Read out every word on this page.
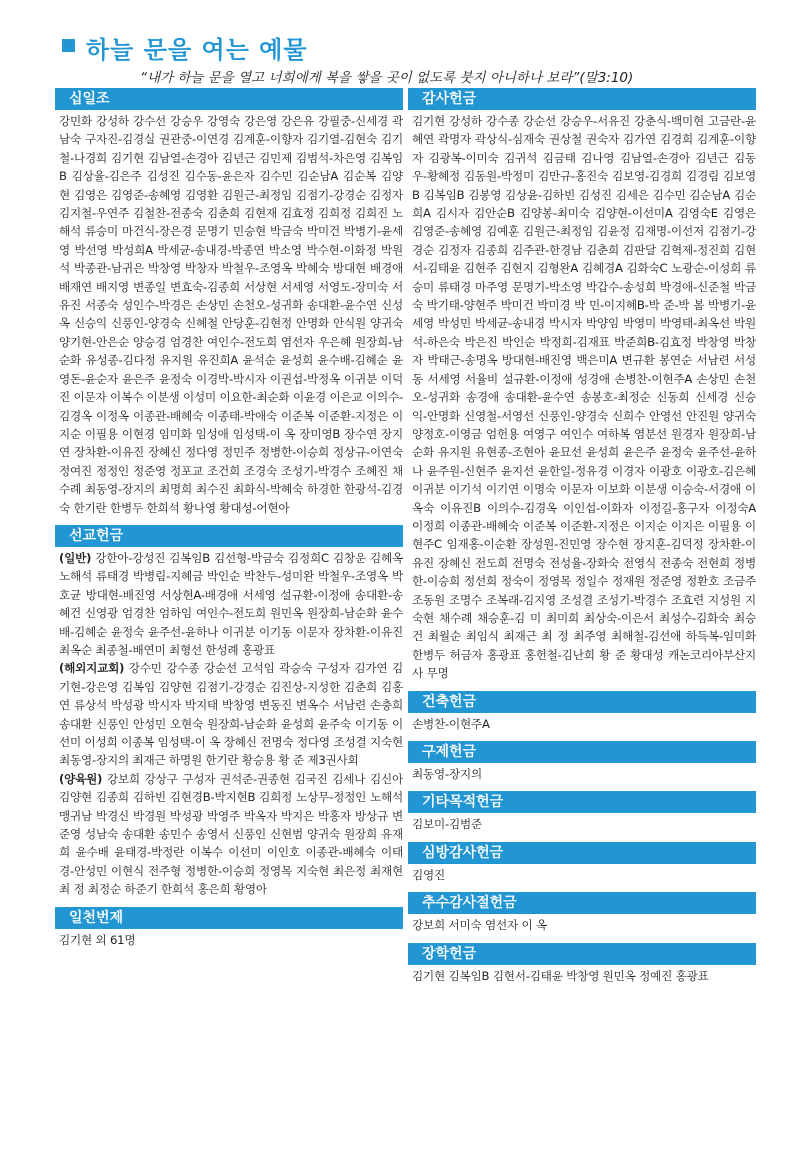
하늘 문을 여는 예물
“내가 하늘 문을 열고 너희에게 복을 쌓을 곳이 없도록 붓지 아니하나 보라”(말3:10)
십일조
강민화 강성하 강수선 강승우 강영숙 강은영 강은유 강필중-신세경 곽남숙 구자진-김경실 권관중-이연경 김계훈-이향자 김기열-김현숙 김기철-나경희 김기현 김남열-손경아 김년근 김민제 김범석-차은영 김복임B 김상율-김은주 김성진 김수동-윤은자 김수민 김순남A 김순복 김양현 김영은 김영준-송혜영 김영환 김원근-최정임 김점기-강경순 김정자 김지철-우연주 김철찬-전종숙 김춘희 김현재 김효정 김희정 김희진 노해석 류승미 마건식-장은경 문명기 민승현 박금숙 박미건 박병기-윤세영 박선영 박성희A 박세균-송내경-박종연 박소영 박수현-이화정 박원석 박종관-남귀은 박창영 박창자 박철우-조영옥 박혜숙 방대현 배경애 배재연 배지영 변종일 변효숙-김종희 서상현 서세영 서영도-장미숙 서유진 서종숙 성인수-박경은 손상민 손천오-성귀화 송대환-윤수연 신성옥 신승익 신풍인-양경숙 신혜철 안당훈-김현정 안명화 안식원 양귀숙 양기현-안은순 양승경 엄경찬 여인수-전도희 염선자 우은혜 원장희-남순화 유성종-김다정 유지원 유진희A 윤석순 윤성희 윤수배-김혜순 윤영돈-윤순자 윤은주 윤정숙 이경박-박시자 이권섭-박정옥 이귀분 이덕진 이문자 이복수 이분생 이성미 이요한-최순화 이윤경 이은교 이의수-김경옥 이정옥 이종관-배혜숙 이종태-박애숙 이준복 이준환-지정은 이지순 이필용 이현경 임미화 임성애 임성택-이 옥 장미영B 장수연 장지연 장차환-이유진 장혜신 정다영 정민주 정병한-이승희 정상규-이연숙 정여진 정정인 정준영 정포교 조건희 조경숙 조성기-박경수 조혜진 채수례 최동영-장지의 최명희 최수진 최화식-박혜숙 하경한 한광석-김경숙 한기란 한병두 한희석 황나영 황대성-어현아
선교헌금
(일반) 강한아-강성진 김복임B 김선형-박금숙 김정희C 김창운 김혜옥 노해석 류태경 박병림-지혜금 박인순 박찬두-성미완 박철우-조영옥 박호균 방대현-배진영 서상현A-배경애 서세영 설규환-이정애 송대환-송혜건 신영광 엄경찬 엄하임 여인수-전도희 원민옥 원장희-남순화 윤수배-김혜순 윤정숙 윤주선-윤하나 이귀분 이기동 이문자 장차환-이유진 최옥순 최종철-배연미 최형선 한성례 홍광표
(해외지교회) 강수민 강수종 강순선 고석임 곽승숙 구성자 김가연 김기현-강은영 김복임 김양현 김점기-강경순 김진상-지성한 김춘희 김홍연 류상석 박성광 박시자 박지태 박창영 변동진 변옥수 서남련 손충희 송대환 신풍인 안성민 오현숙 원장희-남순화 윤성희 윤주숙 이기동 이선미 이성희 이종복 임성택-이 옥 장혜신 전명숙 정다영 조성결 지숙현 최동영-장지의 최재근 하명원 한기란 황승용 황 준 제3권사회
(양육원) 강보희 강상구 구성자 권석준-권종현 김국진 김세나 김신아 김양현 김종희 김하빈 김현경B-박지현B 김희정 노상무-정정인 노해석 맹귀남 박경신 박경원 박성광 박영주 박옥자 박지은 박홍자 방상규 변준영 성남숙 송대환 송민수 송영서 신풍인 신현범 양귀숙 원장희 유재희 윤수배 윤태경-박정란 이복수 이선미 이인호 이종관-배혜숙 이태경-안성민 이현식 전주형 정병한-이승희 정영목 지숙현 최은정 최재현 최 정 최정순 하준기 한희석 홍은희 황영아
일천번제
김기현 외 61명
감사헌금
김기현 강성하 강수종 강순선 강승우-서유진 강춘식-백미현 고금란-윤혜연 곽명자 곽상식-심재숙 권상철 권숙자 김가연 김경희 김계훈-이향자 김광복-이미숙 김귀석 김금태 김나영 김남열-손경아 김년근 김동우-황혜정 김동원-박정미 김만규-홍진숙 김보영-김경희 김경림 김보영B 김복임B 김봉영 김상윤-김하빈 김성진 김세은 김수민 김순남A 김순희A 김시자 김안순B 김양봉-최미숙 김양현-이선미A 김영숙E 김영은 김영준-송혜영 김예훈 김원근-최정임 김윤정 김재명-이선저 김점기-강경순 김정자 김종희 김주관-한경남 김춘희 김판달 김혁제-정진희 김현서-김태윤 김현주 김현지 김형완A 김혜경A 김화숙C 노광순-이성희 류승미 류태경 마주영 문명기-박소영 박갑수-송성희 박경애-신준철 박금숙 박기태-양현주 박미건 박미경 박 민-이지혜B-박 준-박 봄 박병기-윤세영 박성민 박세균-송내경 박시자 박양임 박영미 박영태-최옥선 박원석-하은숙 박은진 박인순 박정희-김재표 박준희B-김효정 박창영 박창자 박태근-송명옥 방대현-배진영 백은미A 변규환 봉연순 서남련 서성동 서세영 서율비 설규환-이정애 성경애 손병찬-이현주A 손상민 손천오-성귀화 송경애 송대환-윤수연 송봉호-최정순 신동희 신세경 신승익-안명화 신영철-서영선 신풍인-양경숙 신희수 안영선 안진원 양귀숙 양정호-이영금 엄헌용 여영구 여인수 여하복 염분선 원경자 원장희-남순화 유지원 유현종-조현아 윤묘선 윤성희 윤은주 윤정숙 윤주선-윤하나 윤주원-신현주 윤지선 윤한일-정유경 이경자 이광호 이광호-김은혜 이귀분 이기석 이기연 이명숙 이문자 이보화 이분생 이승숙-서경애 이옥숙 이유진B 이의수-김경옥 이인섭-이화자 이정길-홍구자 이정숙A 이정희 이종관-배혜숙 이준복 이준환-지정은 이지순 이지은 이필용 이현주C 임재홍-이순환 장성원-진민영 장수현 장지훈-김덕정 장차환-이유진 장혜신 전도희 전명숙 전성율-장화숙 전영식 전종숙 전현희 정병한-이승희 정선희 정숙이 정영목 정일수 정재원 정준영 정환호 조금주 조동원 조명수 조복래-김지영 조성결 조성기-박경수 조효련 지성원 지숙현 채수례 채승훈-김 미 최미희 최상숙-이은서 최성수-김화숙 최승건 최월순 최임식 최재근 최 정 최주영 최해철-김선애 하득복-임미화 한병두 허금자 홍광표 홍헌철-김난희 황 준 황대성 캐논코리아부산지사 무명
건축헌금
손병찬-이현주A
구제헌금
최동영-장지의
기타목적헌금
김보미-김범준
심방감사헌금
김영진
추수감사절헌금
강보희 서미숙 염선자 이 옥
장학헌금
김기현 김복임B 김현서-김태윤 박창영 원민옥 정예진 홍광표
